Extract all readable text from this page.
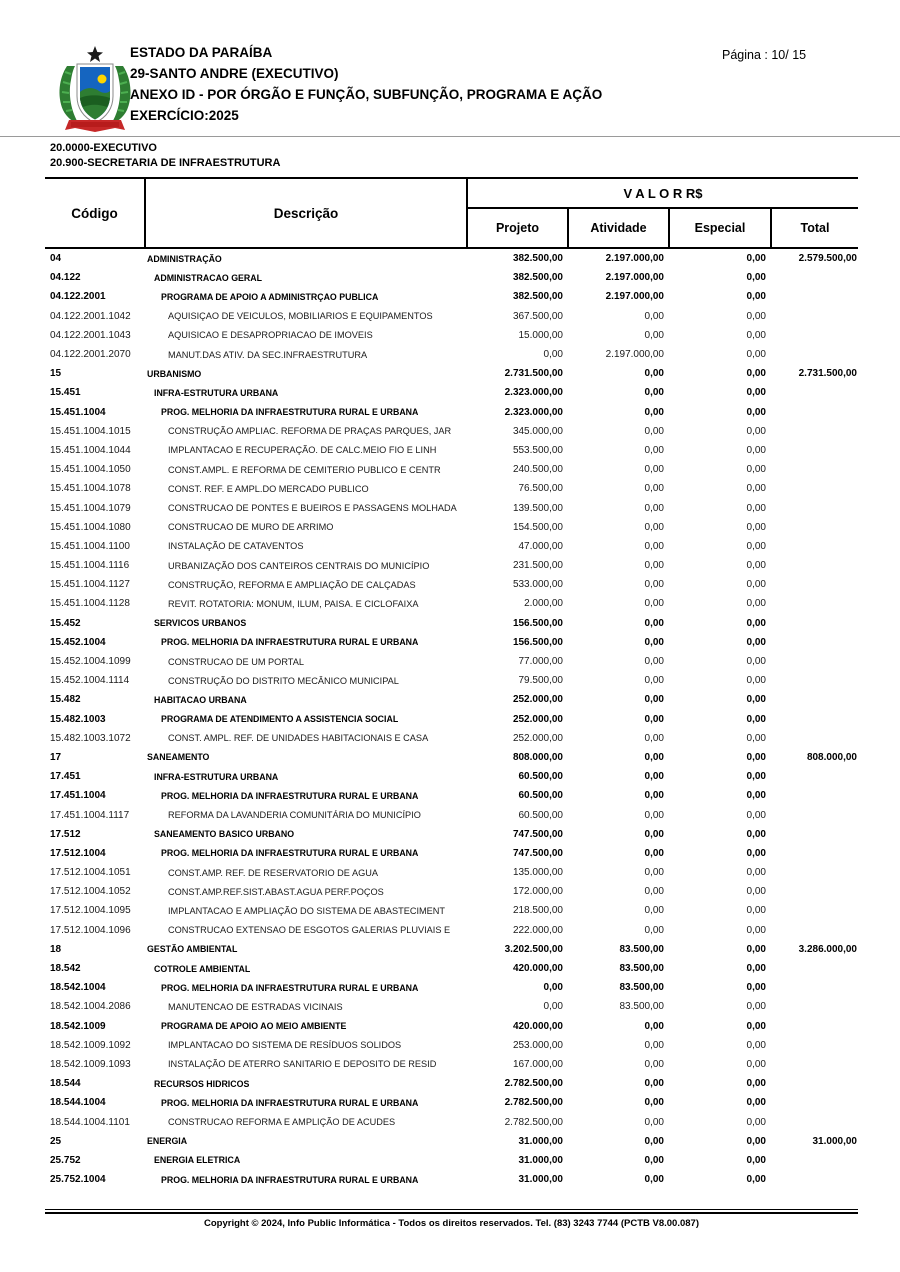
ESTADO DA PARAÍBA
29-SANTO ANDRE (EXECUTIVO)
ANEXO ID - POR ÓRGÃO E FUNÇÃO, SUBFUNÇÃO, PROGRAMA E AÇÃO
EXERCÍCIO:2025
Página : 10/ 15
20.0000-EXECUTIVO
20.900-SECRETARIA DE INFRAESTRUTURA
Código	Descrição
V A L O R R$
Projeto	Atividade	Especial	Total
04	ADMINISTRAÇÃO	382.500,00	2.197.000,00	0,00	2.579.500,00
04.122	ADMINISTRACAO GERAL	382.500,00	2.197.000,00	0,00
04.122.2001	PROGRAMA DE APOIO A ADMINISTRÇAO PUBLICA	382.500,00	2.197.000,00	0,00
04.122.2001.1042	AQUISIÇAO DE VEICULOS, MOBILIARIOS E EQUIPAMENTOS	367.500,00	0,00	0,00
04.122.2001.1043	AQUISICAO E DESAPROPRIACAO DE IMOVEIS	15.000,00	0,00	0,00
04.122.2001.2070	MANUT.DAS ATIV. DA SEC.INFRAESTRUTURA	0,00	2.197.000,00	0,00
15	URBANISMO	2.731.500,00	0,00	0,00	2.731.500,00
15.451	INFRA-ESTRUTURA URBANA	2.323.000,00	0,00	0,00
15.451.1004	PROG. MELHORIA DA INFRAESTRUTURA RURAL E URBANA	2.323.000,00	0,00	0,00
15.451.1004.1015	CONSTRUÇÃO AMPLIAC. REFORMA DE PRAÇAS PARQUES, JAR	345.000,00	0,00	0,00
15.451.1004.1044	IMPLANTACAO E RECUPERAÇÃO. DE CALC.MEIO FIO E LINH	553.500,00	0,00	0,00
15.451.1004.1050	CONST.AMPL. E REFORMA DE CEMITERIO PUBLICO E CENTR	240.500,00	0,00	0,00
15.451.1004.1078	CONST. REF. E AMPL.DO MERCADO PUBLICO	76.500,00	0,00	0,00
15.451.1004.1079	CONSTRUCAO DE PONTES E BUEIROS E PASSAGENS MOLHADA	139.500,00	0,00	0,00
15.451.1004.1080	CONSTRUCAO DE MURO DE ARRIMO	154.500,00	0,00	0,00
15.451.1004.1100	INSTALAÇÃO DE CATAVENTOS	47.000,00	0,00	0,00
15.451.1004.1116	URBANIZAÇÃO DOS CANTEIROS CENTRAIS DO MUNICÍPIO	231.500,00	0,00	0,00
15.451.1004.1127	CONSTRUÇÃO, REFORMA E AMPLIAÇÃO DE CALÇADAS	533.000,00	0,00	0,00
15.451.1004.1128	REVIT. ROTATORIA: MONUM, ILUM, PAISA. E CICLOFAIXA	2.000,00	0,00	0,00
15.452	SERVICOS URBANOS	156.500,00	0,00	0,00
15.452.1004	PROG. MELHORIA DA INFRAESTRUTURA RURAL E URBANA	156.500,00	0,00	0,00
15.452.1004.1099	CONSTRUCAO DE UM PORTAL	77.000,00	0,00	0,00
15.452.1004.1114	CONSTRUÇÃO DO DISTRITO MECÂNICO MUNICIPAL	79.500,00	0,00	0,00
15.482	HABITACAO URBANA	252.000,00	0,00	0,00
15.482.1003	PROGRAMA DE ATENDIMENTO A ASSISTENCIA SOCIAL	252.000,00	0,00	0,00
15.482.1003.1072	CONST. AMPL. REF. DE UNIDADES HABITACIONAIS E CASA	252.000,00	0,00	0,00
17	SANEAMENTO	808.000,00	0,00	0,00	808.000,00
17.451	INFRA-ESTRUTURA URBANA	60.500,00	0,00	0,00
17.451.1004	PROG. MELHORIA DA INFRAESTRUTURA RURAL E URBANA	60.500,00	0,00	0,00
17.451.1004.1117	REFORMA DA LAVANDERIA COMUNITÁRIA DO MUNICÍPIO	60.500,00	0,00	0,00
17.512	SANEAMENTO BASICO URBANO	747.500,00	0,00	0,00
17.512.1004	PROG. MELHORIA DA INFRAESTRUTURA RURAL E URBANA	747.500,00	0,00	0,00
17.512.1004.1051	CONST.AMP. REF. DE RESERVATORIO DE AGUA	135.000,00	0,00	0,00
17.512.1004.1052	CONST.AMP.REF.SIST.ABAST.AGUA PERF.POÇOS	172.000,00	0,00	0,00
17.512.1004.1095	IMPLANTACAO E AMPLIAÇÃO DO SISTEMA DE ABASTECIMENT	218.500,00	0,00	0,00
17.512.1004.1096	CONSTRUCAO EXTENSAO DE ESGOTOS GALERIAS PLUVIAIS E	222.000,00	0,00	0,00
18	GESTÃO AMBIENTAL	3.202.500,00	83.500,00	0,00	3.286.000,00
18.542	COTROLE AMBIENTAL	420.000,00	83.500,00	0,00
18.542.1004	PROG. MELHORIA DA INFRAESTRUTURA RURAL E URBANA	0,00	83.500,00	0,00
18.542.1004.2086	MANUTENCAO DE ESTRADAS VICINAIS	0,00	83.500,00	0,00
18.542.1009	PROGRAMA DE APOIO AO MEIO AMBIENTE	420.000,00	0,00	0,00
18.542.1009.1092	IMPLANTACAO DO SISTEMA DE RESÍDUOS SOLIDOS	253.000,00	0,00	0,00
18.542.1009.1093	INSTALAÇÃO DE ATERRO SANITARIO E DEPOSITO DE RESID	167.000,00	0,00	0,00
18.544	RECURSOS HIDRICOS	2.782.500,00	0,00	0,00
18.544.1004	PROG. MELHORIA DA INFRAESTRUTURA RURAL E URBANA	2.782.500,00	0,00	0,00
18.544.1004.1101	CONSTRUCAO REFORMA E AMPLIÇÃO DE ACUDES	2.782.500,00	0,00	0,00
25	ENERGIA	31.000,00	0,00	0,00	31.000,00
25.752	ENERGIA ELETRICA	31.000,00	0,00	0,00
25.752.1004	PROG. MELHORIA DA INFRAESTRUTURA RURAL E URBANA	31.000,00	0,00	0,00
Copyright © 2024, Info Public Informática - Todos os direitos reservados. Tel. (83) 3243 7744 (PCTB V8.00.087)
